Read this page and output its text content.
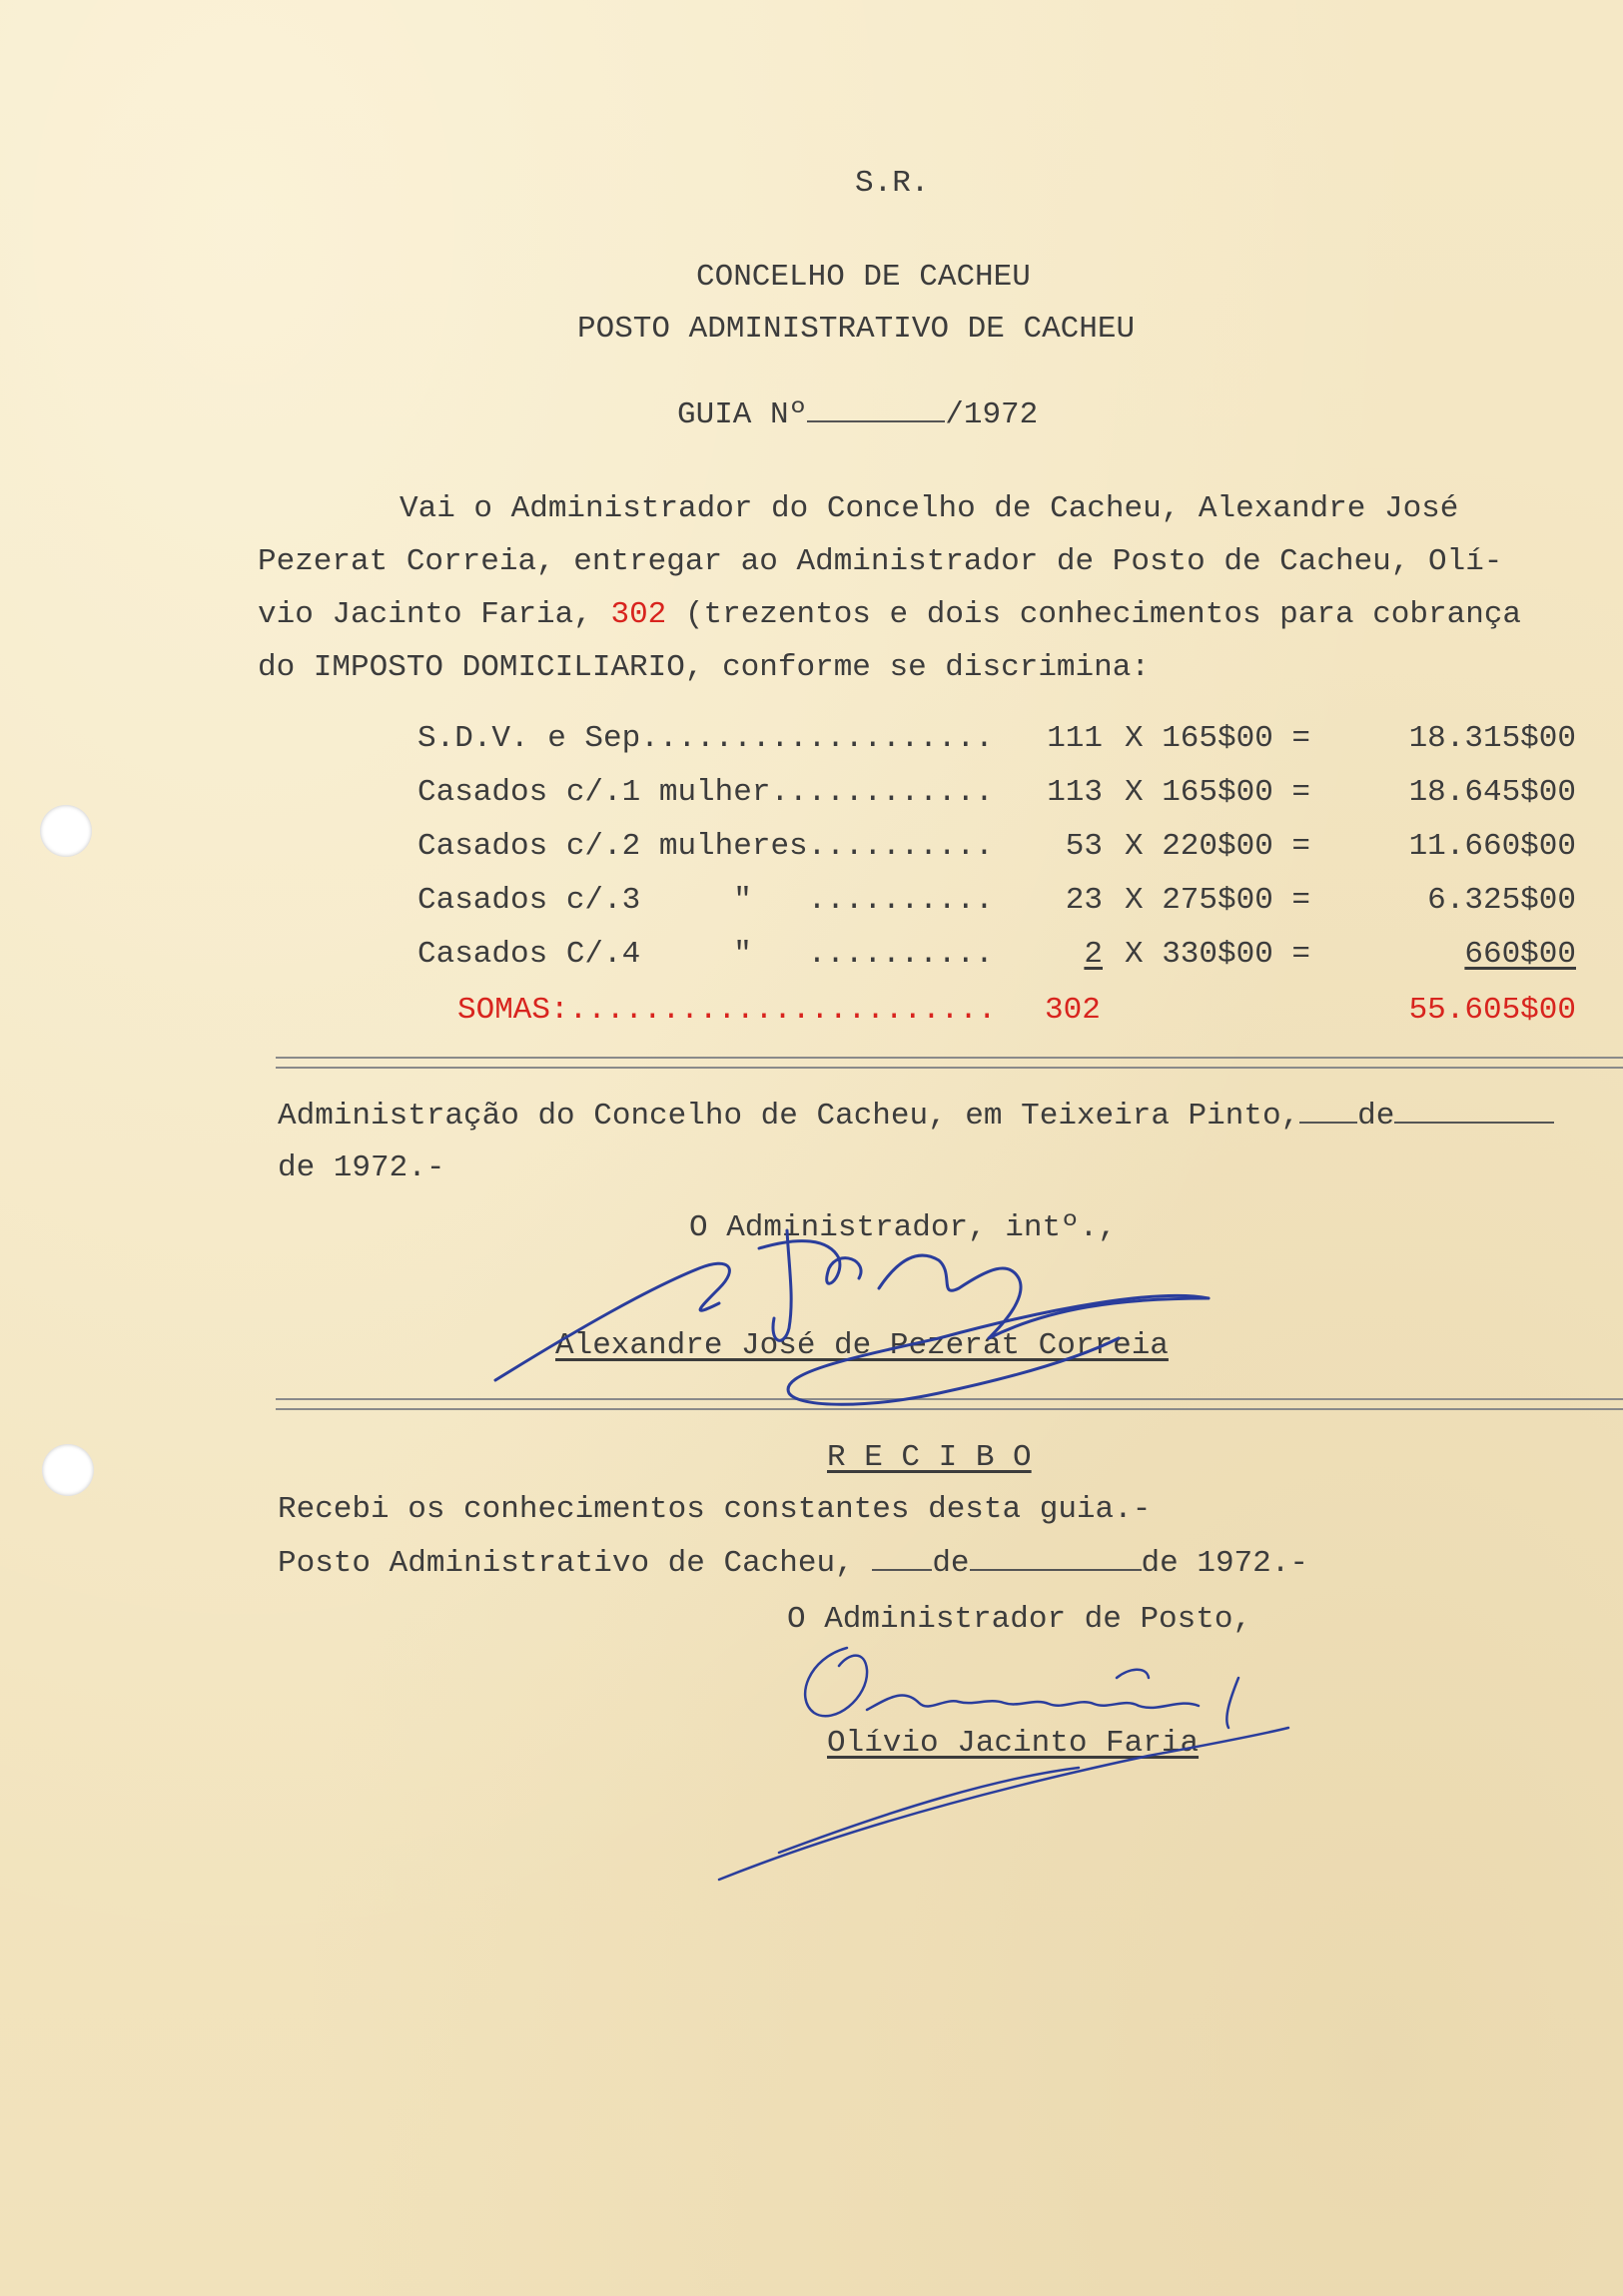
S.R.
CONCELHO DE CACHEU
POSTO ADMINISTRATIVO DE CACHEU
GUIA Nº	/1972
Vai o Administrador do Concelho de Cacheu, Alexandre José
Pezerat Correia, entregar ao Administrador de Posto de Cacheu, Olí-
vio Jacinto Faria, 302 (trezentos e dois conhecimentos para cobrança
do IMPOSTO DOMICILIARIO, conforme se discrimina:
S.D.V. e Sep...................	111 X 165$00 =	18.315$00
Casados c/.1 mulher............	113 X 165$00 =	18.645$00
Casados c/.2 mulheres..........	53 X 220$00 =	11.660$00
Casados c/.3     "   ..........	23 X 275$00 =	6.325$00
Casados C/.4     "   ..........	2 X 330$00 =	660$00
SOMAS:....................... 302	55.605$00
Administração do Concelho de Cacheu, em Teixeira Pinto, de
de 1972.-
O Administrador, intº.,
Alexandre José de Pezerat Correia
R E C I B O
Recebi os conhecimentos constantes desta guia.-
Posto Administrativo de Cacheu,	de	de 1972.-
O Administrador de Posto,
Olívio Jacinto Faria
